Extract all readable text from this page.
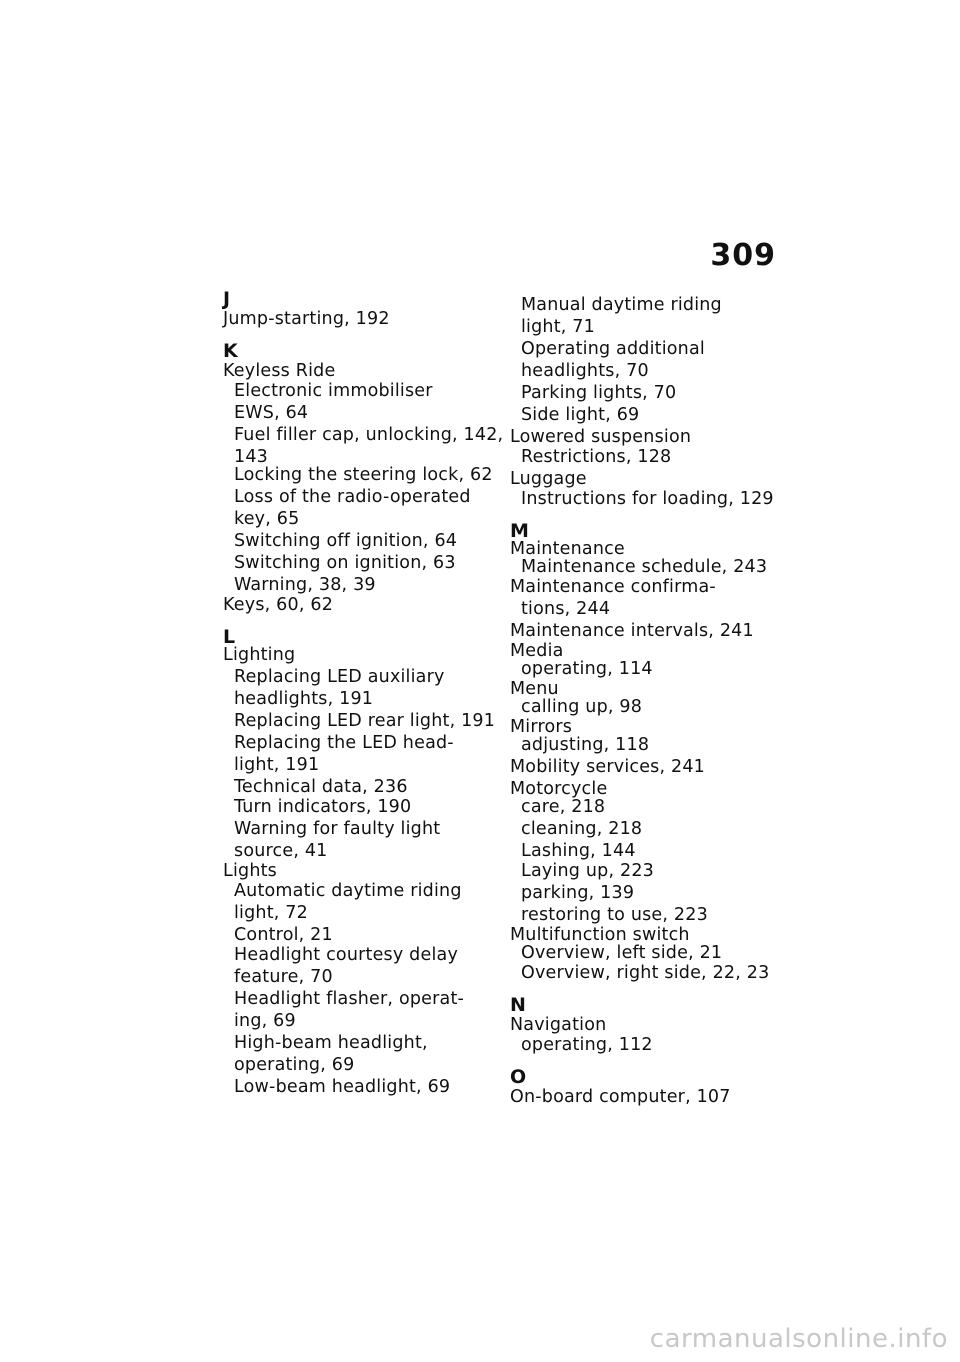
309
J
Jump-starting, 192
K
Keyless Ride
Electronic immobiliser
EWS, 64
Fuel filler cap, unlocking, 142,
143
Locking the steering lock, 62
Loss of the radio-operated
key, 65
Switching off ignition, 64
Switching on ignition, 63
Warning, 38, 39
Keys, 60, 62
L
Lighting
Replacing LED auxiliary
headlights, 191
Replacing LED rear light, 191
Replacing the LED head-
light, 191
Technical data, 236
Turn indicators, 190
Warning for faulty light
source, 41
Lights
Automatic daytime riding
light, 72
Control, 21
Headlight courtesy delay
feature, 70
Headlight flasher, operat-
ing, 69
High-beam headlight,
operating, 69
Low-beam headlight, 69
Manual daytime riding
light, 71
Operating additional
headlights, 70
Parking lights, 70
Side light, 69
Lowered suspension
Restrictions, 128
Luggage
Instructions for loading, 129
M
Maintenance
Maintenance schedule, 243
Maintenance confirma-
tions, 244
Maintenance intervals, 241
Media
operating, 114
Menu
calling up, 98
Mirrors
adjusting, 118
Mobility services, 241
Motorcycle
care, 218
cleaning, 218
Lashing, 144
Laying up, 223
parking, 139
restoring to use, 223
Multifunction switch
Overview, left side, 21
Overview, right side, 22, 23
N
Navigation
operating, 112
O
On-board computer, 107
carmanualsonline.info
